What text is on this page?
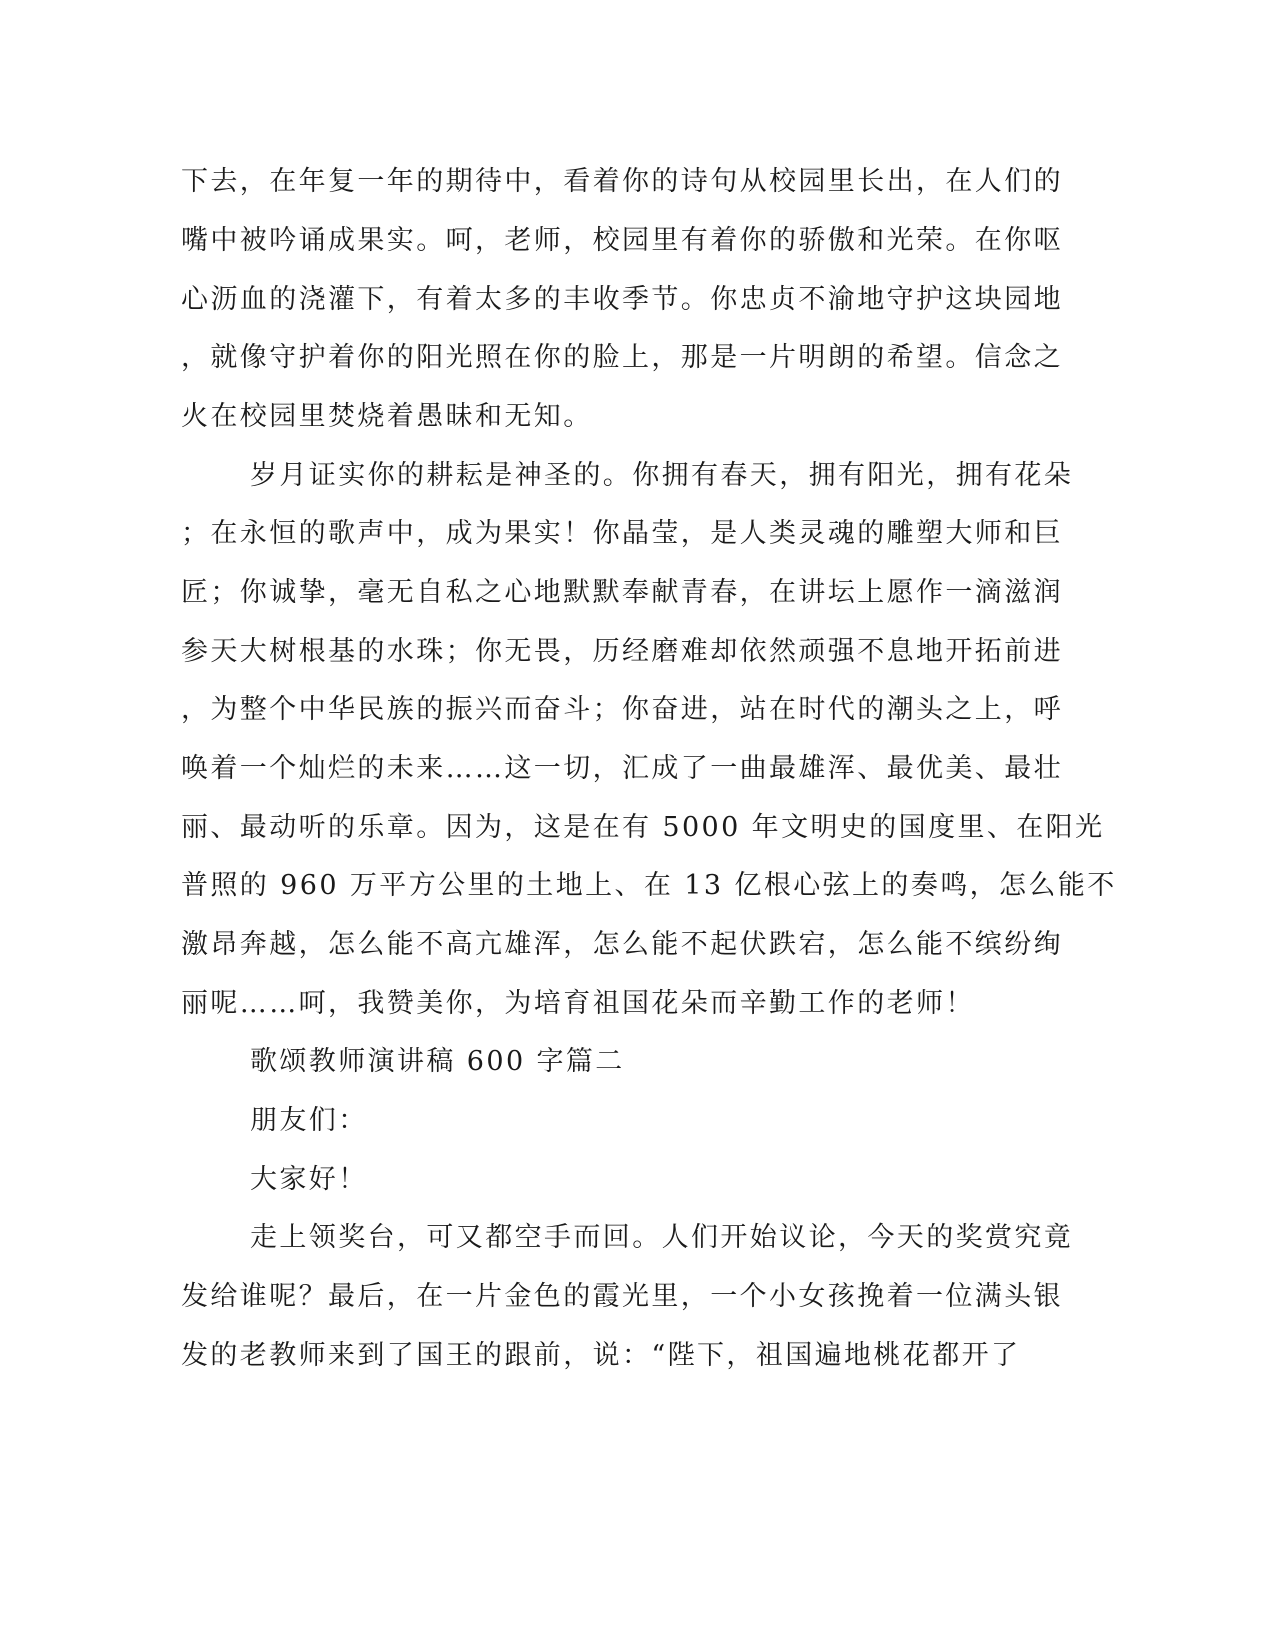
下去，在年复一年的期待中，看着你的诗句从校园里长出，在人们的
嘴中被吟诵成果实。呵，老师，校园里有着你的骄傲和光荣。在你呕
心沥血的浇灌下，有着太多的丰收季节。你忠贞不渝地守护这块园地
，就像守护着你的阳光照在你的脸上，那是一片明朗的希望。信念之
火在校园里焚烧着愚昧和无知。
岁月证实你的耕耘是神圣的。你拥有春天，拥有阳光，拥有花朵
；在永恒的歌声中，成为果实！你晶莹，是人类灵魂的雕塑大师和巨
匠；你诚挚，毫无自私之心地默默奉献青春，在讲坛上愿作一滴滋润
参天大树根基的水珠；你无畏，历经磨难却依然顽强不息地开拓前进
，为整个中华民族的振兴而奋斗；你奋进，站在时代的潮头之上，呼
唤着一个灿烂的未来……这一切，汇成了一曲最雄浑、最优美、最壮
丽、最动听的乐章。因为，这是在有 5000 年文明史的国度里、在阳光
普照的 960 万平方公里的土地上、在 13 亿根心弦上的奏鸣，怎么能不
激昂奔越，怎么能不高亢雄浑，怎么能不起伏跌宕，怎么能不缤纷绚
丽呢……呵，我赞美你，为培育祖国花朵而辛勤工作的老师！
歌颂教师演讲稿 600 字篇二
朋友们：
大家好！
走上领奖台，可又都空手而回。人们开始议论，今天的奖赏究竟
发给谁呢？最后，在一片金色的霞光里，一个小女孩挽着一位满头银
发的老教师来到了国王的跟前，说：“陛下，祖国遍地桃花都开了
